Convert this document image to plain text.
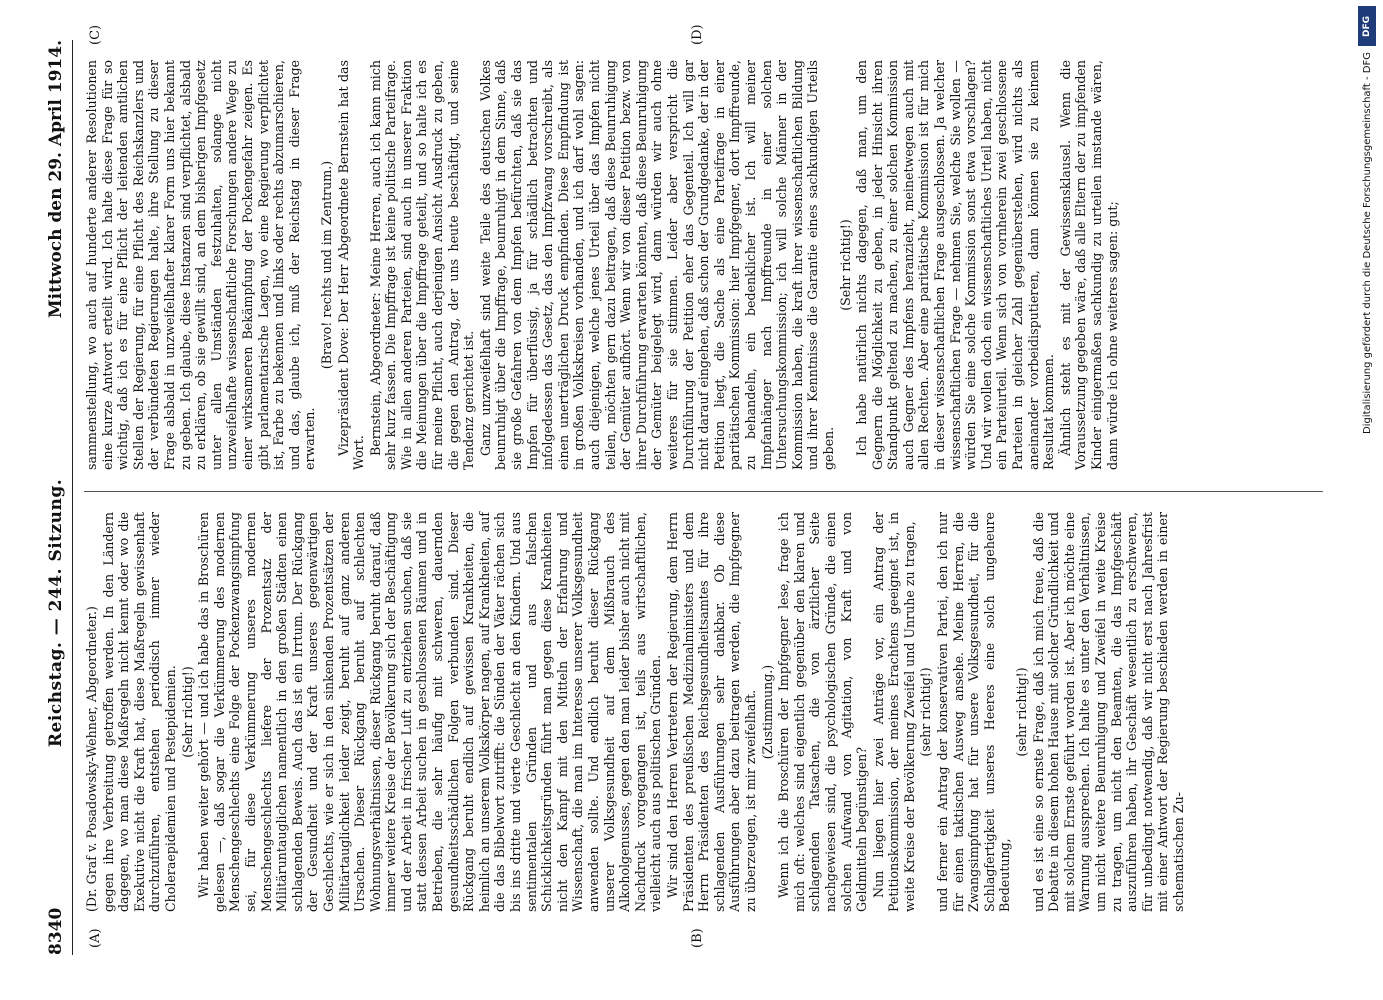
8340
Reichstag. — 244. Sitzung.
Mittwoch den 29. April 1914.
(A)	(B)
(C)	(D)

(Dr. Graf v. Posadowsky-Wehner, Abgeordneter.) gegen ihre Verbreitung getroffen werden. In den Ländern dagegen, wo man diese Maßregeln nicht kennt oder wo die Exekutive nicht die Kraft hat, diese Maßregeln gewissenhaft durchzuführen, entstehen periodisch immer wieder Choleraepidemien und Pestepidemien. (Sehr richtig!) Wir haben weiter gehört — und ich habe das in Broschüren gelesen —, daß sogar die Verkümmerung des modernen Menschengeschlechts eine Folge der Pockenzwangsimpfung sei, für diese Verkümmerung unseres modernen Menschengeschlechts liefere der Prozentsatz der Militäruntauglichen namentlich in den großen Städten einen schlagenden Beweis. Auch das ist ein Irrtum. Der Rückgang der Gesundheit und der Kraft unseres gegenwärtigen Geschlechts, wie er sich in den sinkenden Prozentsätzen der Militärtauglichkeit leider zeigt, beruht auf ganz anderen Ursachen. Dieser Rückgang beruht auf schlechten Wohnungsverhältnissen, dieser Rückgang beruht darauf, daß immer weitere Kreise der Bevölkerung sich der Beschäftigung und der Arbeit in frischer Luft zu entziehen suchen, daß sie statt dessen Arbeit suchen in geschlossenen Räumen und in Betrieben, die sehr häufig mit schweren, dauernden gesundheitsschädlichen Folgen verbunden sind. Dieser Rückgang beruht endlich auf gewissen Krankheiten, die heimlich an unserem Volkskörper nagen, auf Krankheiten, auf die das Bibelwort zutrifft: die Sünden der Väter rächen sich bis ins dritte und vierte Geschlecht an den Kindern. Und aus sentimentalen Gründen und aus falschen Schicklichkeitsgründen führt man gegen diese Krankheiten nicht den Kampf mit den Mitteln der Erfahrung und Wissenschaft, die man im Interesse unserer Volksgesundheit anwenden sollte. Und endlich beruht dieser Rückgang unserer Volksgesundheit auf dem Mißbrauch des Alkoholgenusses, gegen den man leider bisher auch nicht mit Nachdruck vorgegangen ist, teils aus wirtschaftlichen, vielleicht auch aus politischen Gründen. Wir sind den Herren Vertretern der Regierung, dem Herrn Präsidenten des preußischen Medizinalministers und dem Herrn Präsidenten des Reichsgesundheitsamtes für ihre schlagenden Ausführungen sehr dankbar. Ob diese Ausführungen aber dazu beitragen werden, die Impfgegner zu überzeugen, ist mir zweifelhaft. (Zustimmung.) Wenn ich die Broschüren der Impfgegner lese, frage ich mich oft: welches sind eigentlich gegenüber den klaren und schlagenden Tatsachen, die von ärztlicher Seite nachgewiesen sind, die psychologischen Gründe, die einen solchen Aufwand von Agitation, von Kraft und von Geldmitteln begünstigen? Nun liegen hier zwei Anträge vor, ein Antrag der Petitionskommission, der meines Erachtens geeignet ist, in weite Kreise der Bevölkerung Zweifel und Unruhe zu tragen, (sehr richtig!) und ferner ein Antrag der konservativen Partei, den ich nur für einen taktischen Ausweg ansehe. Meine Herren, die Zwangsimpfung hat für unsere Volksgesundheit, für die Schlagfertigkeit unseres Heeres eine solch ungeheure Bedeutung,

(sehr richtig!) und es ist eine so ernste Frage, daß ich mich freue, daß die Debatte in diesem hohen Hause mit solcher Gründlichkeit und mit solchem Ernste geführt worden ist. Aber ich möchte eine Warnung aussprechen. Ich halte es unter den Verhältnissen, um nicht weitere Beunruhigung und Zweifel in weite Kreise zu tragen, um nicht den Beamten, die das Impfgeschäft auszuführen haben, ihr Geschäft wesentlich zu erschweren, für unbedingt notwendig, daß wir nicht erst nach Jahresfrist mit einer Antwort der Regierung beschieden werden in einer schematischen Zu-

sammenstellung, wo auch auf hunderte anderer Resolutionen eine kurze Antwort erteilt wird. Ich halte diese Frage für so wichtig, daß ich es für eine Pflicht der leitenden amtlichen Stellen der Regierung, für eine Pflicht des Reichskanzlers und der verbündeten Regierungen halte, ihre Stellung zu dieser Frage alsbald in unzweifelhafter klarer Form uns hier bekannt zu geben. Ich glaube, diese Instanzen sind verpflichtet, alsbald zu erklären, ob sie gewillt sind, an dem bisherigen Impfgesetz unter allen Umständen festzuhalten, solange nicht unzweifelhafte wissenschaftliche Forschungen andere Wege zu einer wirksameren Bekämpfung der Pockengefahr zeigen. Es gibt parlamentarische Lagen, wo eine Regierung verpflichtet ist, Farbe zu bekennen und links oder rechts abzumarschieren, und das, glaube ich, muß der Reichstag in dieser Frage erwarten.

(Bravo! rechts und im Zentrum.) Vizepräsident Dove: Der Herr Abgeordnete Bernstein hat das Wort. Bernstein, Abgeordneter: Meine Herren, auch ich kann mich sehr kurz fassen. Die Impffrage ist keine politische Parteifrage. Wie in allen anderen Parteien, sind auch in unserer Fraktion die Meinungen über die Impffrage geteilt, und so halte ich es für meine Pflicht, auch derjenigen Ansicht Ausdruck zu geben, die gegen den Antrag, der uns heute beschäftigt, und seine Tendenz gerichtet ist. Ganz unzweifelhaft sind weite Teile des deutschen Volkes beunruhigt über die Impffrage, beunruhigt in dem Sinne, daß sie große Gefahren von dem Impfen befürchten, daß sie das Impfen für überflüssig, ja für schädlich betrachten und infolgedessen das Gesetz, das den Impfzwang vorschreibt, als einen unerträglichen Druck empfinden. Diese Empfindung ist in großen Volkskreisen vorhanden, und ich darf wohl sagen: auch diejenigen, welche jenes Urteil über das Impfen nicht teilen, möchten gern dazu beitragen, daß diese Beunruhigung der Gemüter aufhört. Wenn wir von dieser Petition bezw. von ihrer Durchführung erwarten könnten, daß diese Beunruhigung der Gemüter beigelegt wird, dann würden wir auch ohne weiteres für sie stimmen. Leider aber verspricht die Durchführung der Petition eher das Gegenteil. Ich will gar nicht darauf eingehen, daß schon der Grundgedanke, der in der Petition liegt, die Sache als eine Parteifrage in einer paritätischen Kommission: hier Impfgegner, dort Impffreunde, zu behandeln, ein bedenklicher ist. Ich will meiner Impfanhänger nach Impffreunde in einer solchen Untersuchungskommission; ich will solche Männer in der Kommission haben, die kraft ihrer wissenschaftlichen Bildung und ihrer Kenntnisse die Garantie eines sachkundigen Urteils geben.

(Sehr richtig!) Ich habe natürlich nichts dagegen, daß man, um den Gegnern die Möglichkeit zu geben, in jeder Hinsicht ihren Standpunkt geltend zu machen, zu einer solchen Kommission auch Gegner des Impfens heranzieht, meinetwegen auch mit allen Rechten. Aber eine paritätische Kommission ist für mich in dieser wissenschaftlichen Frage ausgeschlossen. Ja welcher wissenschaftlichen Frage — nehmen Sie, welche Sie wollen — würden Sie eine solche Kommission sonst etwa vorschlagen? Und wir wollen doch ein wissenschaftliches Urteil haben, nicht ein Parteiurteil. Wenn sich von vornherein zwei geschlossene Parteien in gleicher Zahl gegenüberstehen, wird nichts als aneinander vorbeidisputieren, dann können sie zu keinem Resultat kommen. Ähnlich steht es mit der Gewissensklausel. Wenn die Voraussetzung gegeben wäre, daß alle Eltern der zu impfenden Kinder einigermaßen sachkundig zu urteilen imstande wären, dann würde ich ohne weiteres sagen: gut;

DFG
Digitalisierung gefördert durch die Deutsche Forschungsgemeinschaft - DFG
